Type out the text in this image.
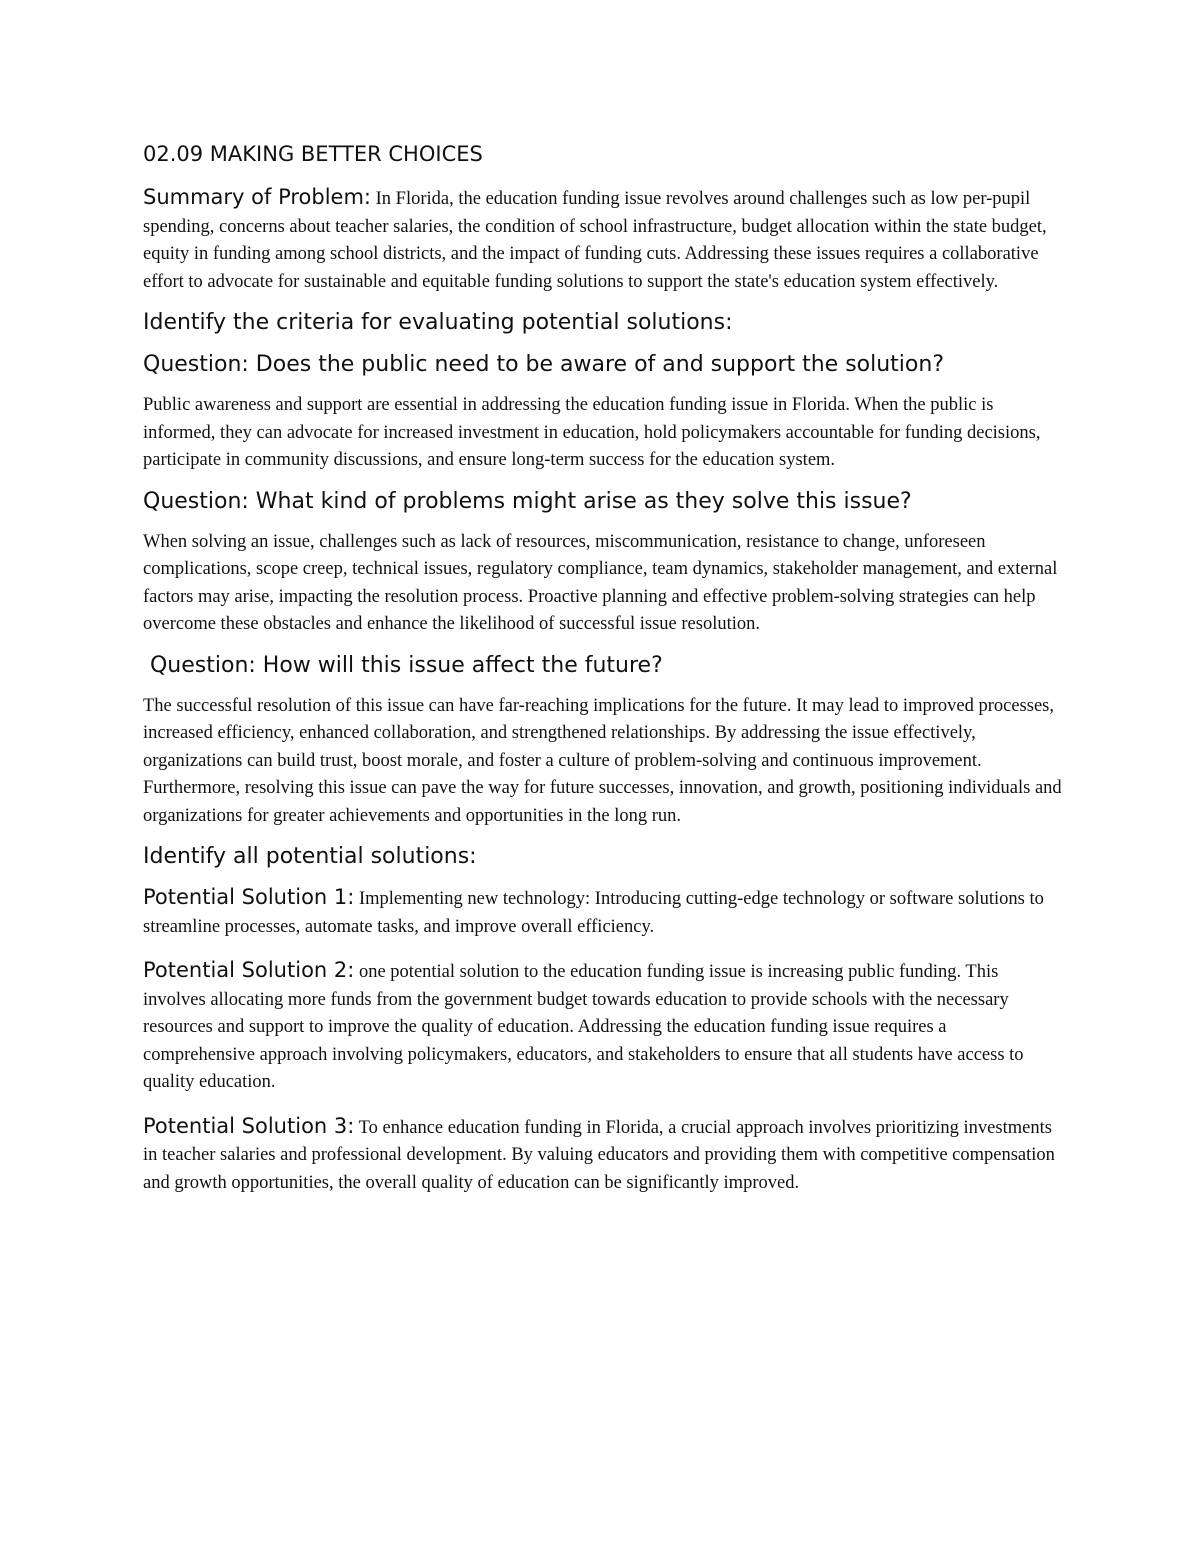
02.09 MAKING BETTER CHOICES

Summary of Problem: In Florida, the education funding issue revolves around challenges such as low per-pupil spending, concerns about teacher salaries, the condition of school infrastructure, budget allocation within the state budget, equity in funding among school districts, and the impact of funding cuts. Addressing these issues requires a collaborative effort to advocate for sustainable and equitable funding solutions to support the state's education system effectively.

Identify the criteria for evaluating potential solutions:
Question: Does the public need to be aware of and support the solution?

Public awareness and support are essential in addressing the education funding issue in Florida. When the public is informed, they can advocate for increased investment in education, hold policymakers accountable for funding decisions, participate in community discussions, and ensure long-term success for the education system.

Question: What kind of problems might arise as they solve this issue?

When solving an issue, challenges such as lack of resources, miscommunication, resistance to change, unforeseen complications, scope creep, technical issues, regulatory compliance, team dynamics, stakeholder management, and external factors may arise, impacting the resolution process. Proactive planning and effective problem-solving strategies can help overcome these obstacles and enhance the likelihood of successful issue resolution.

Question: How will this issue affect the future?

The successful resolution of this issue can have far-reaching implications for the future. It may lead to improved processes, increased efficiency, enhanced collaboration, and strengthened relationships. By addressing the issue effectively, organizations can build trust, boost morale, and foster a culture of problem-solving and continuous improvement. Furthermore, resolving this issue can pave the way for future successes, innovation, and growth, positioning individuals and organizations for greater achievements and opportunities in the long run.

Identify all potential solutions:

Potential Solution 1: Implementing new technology: Introducing cutting-edge technology or software solutions to streamline processes, automate tasks, and improve overall efficiency.

Potential Solution 2: one potential solution to the education funding issue is increasing public funding. This involves allocating more funds from the government budget towards education to provide schools with the necessary resources and support to improve the quality of education. Addressing the education funding issue requires a comprehensive approach involving policymakers, educators, and stakeholders to ensure that all students have access to quality education.

Potential Solution 3: To enhance education funding in Florida, a crucial approach involves prioritizing investments in teacher salaries and professional development. By valuing educators and providing them with competitive compensation and growth opportunities, the overall quality of education can be significantly improved.
